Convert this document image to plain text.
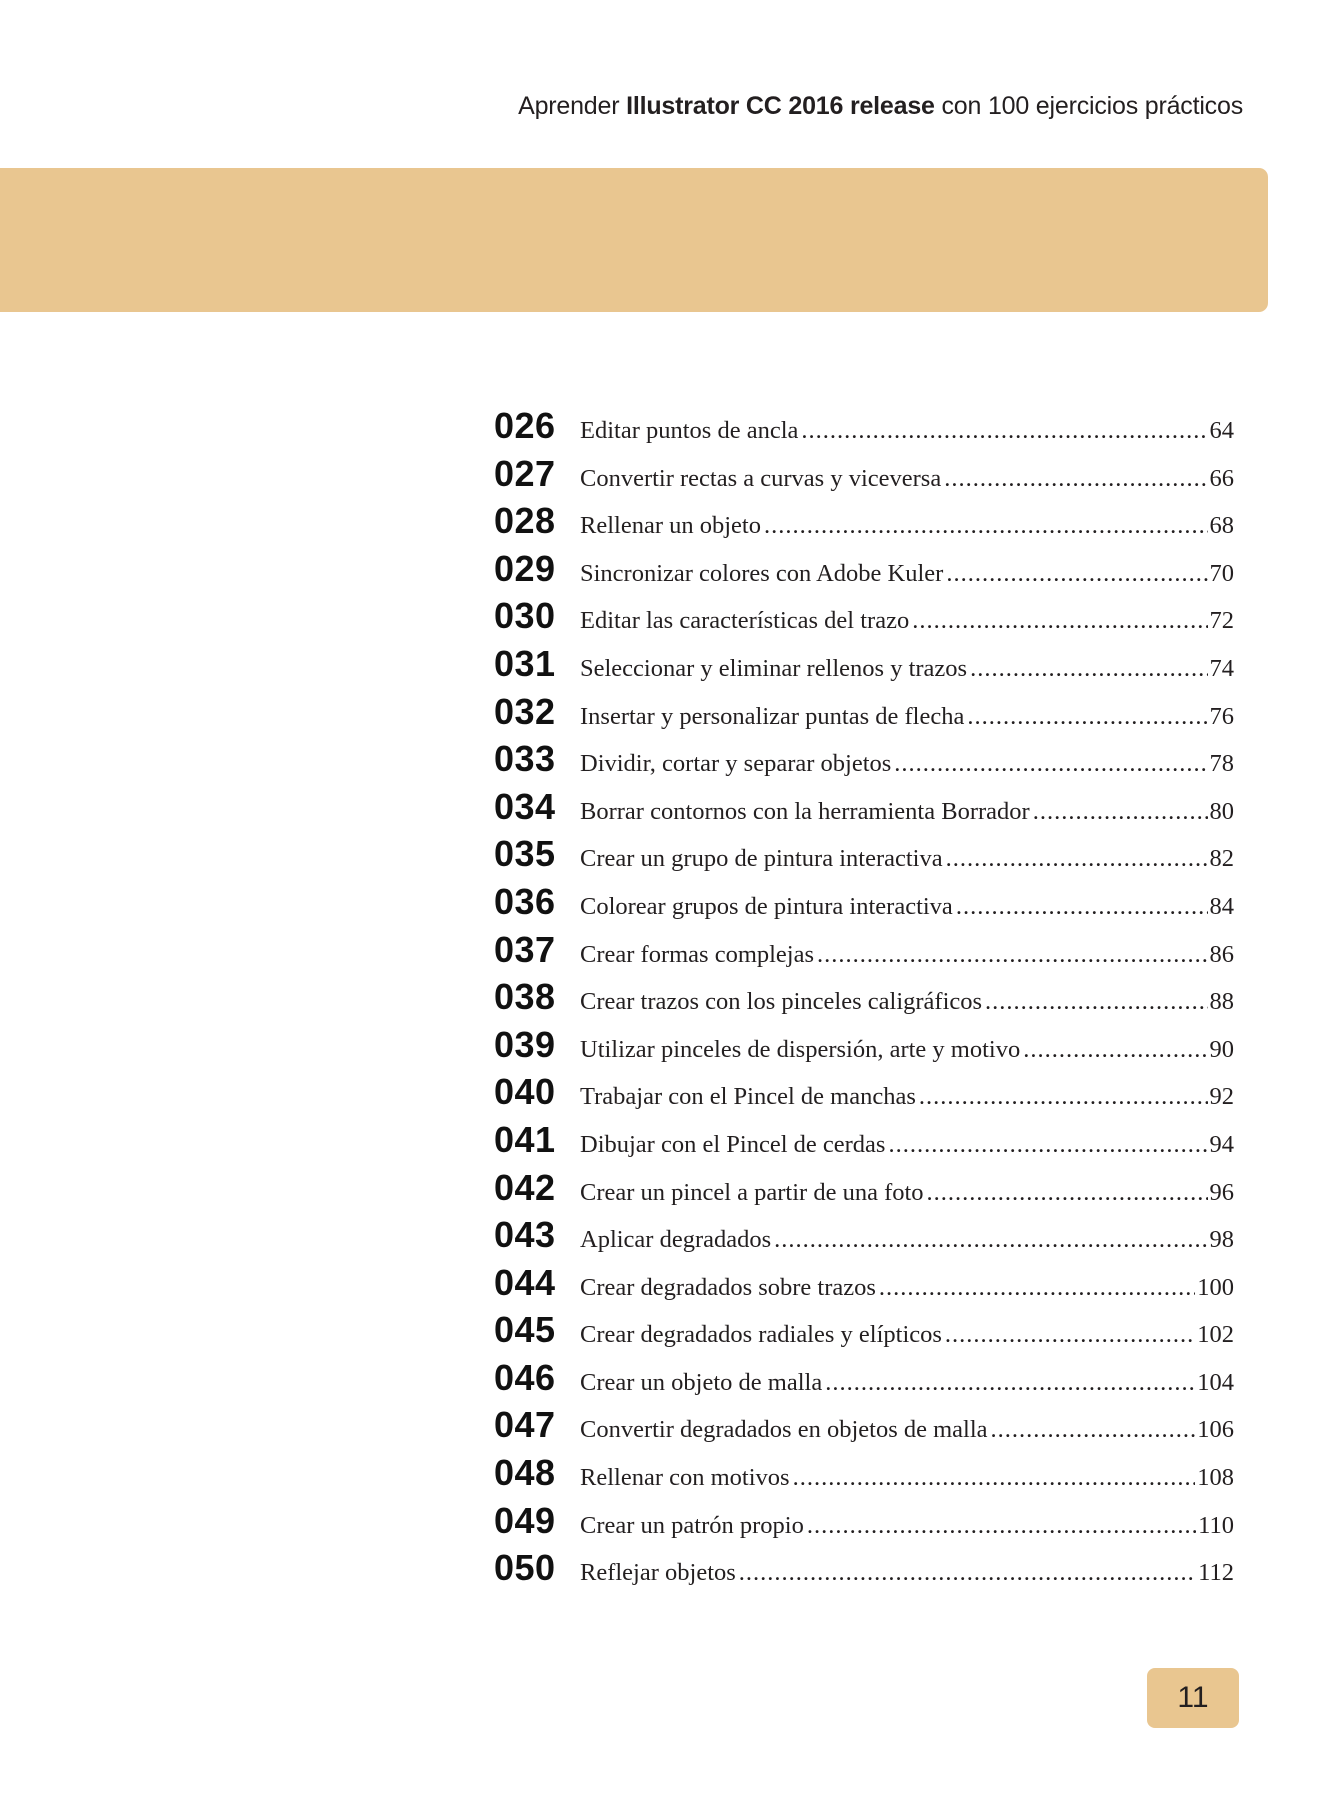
Aprender Illustrator CC 2016 release con 100 ejercicios prácticos
026 Editar puntos de ancla .....	64
027 Convertir rectas a curvas y viceversa .....	66
028 Rellenar un objeto .....	68
029 Sincronizar colores con Adobe Kuler .....	70
030 Editar las características del trazo .....	72
031 Seleccionar y eliminar rellenos y trazos .....	74
032 Insertar y personalizar puntas de flecha .....	76
033 Dividir, cortar y separar objetos .....	78
034 Borrar contornos con la herramienta Borrador .....	80
035 Crear un grupo de pintura interactiva .....	82
036 Colorear grupos de pintura interactiva .....	84
037 Crear formas complejas .....	86
038 Crear trazos con los pinceles caligráficos .....	88
039 Utilizar pinceles de dispersión, arte y motivo .....	90
040 Trabajar con el Pincel de manchas .....	92
041 Dibujar con el Pincel de cerdas .....	94
042 Crear un pincel a partir de una foto .....	96
043 Aplicar degradados .....	98
044 Crear degradados sobre trazos .....	100
045 Crear degradados radiales y elípticos .....	102
046 Crear un objeto de malla .....	104
047 Convertir degradados en objetos de malla .....	106
048 Rellenar con motivos .....	108
049 Crear un patrón propio .....	110
050 Reflejar objetos .....	112
11
